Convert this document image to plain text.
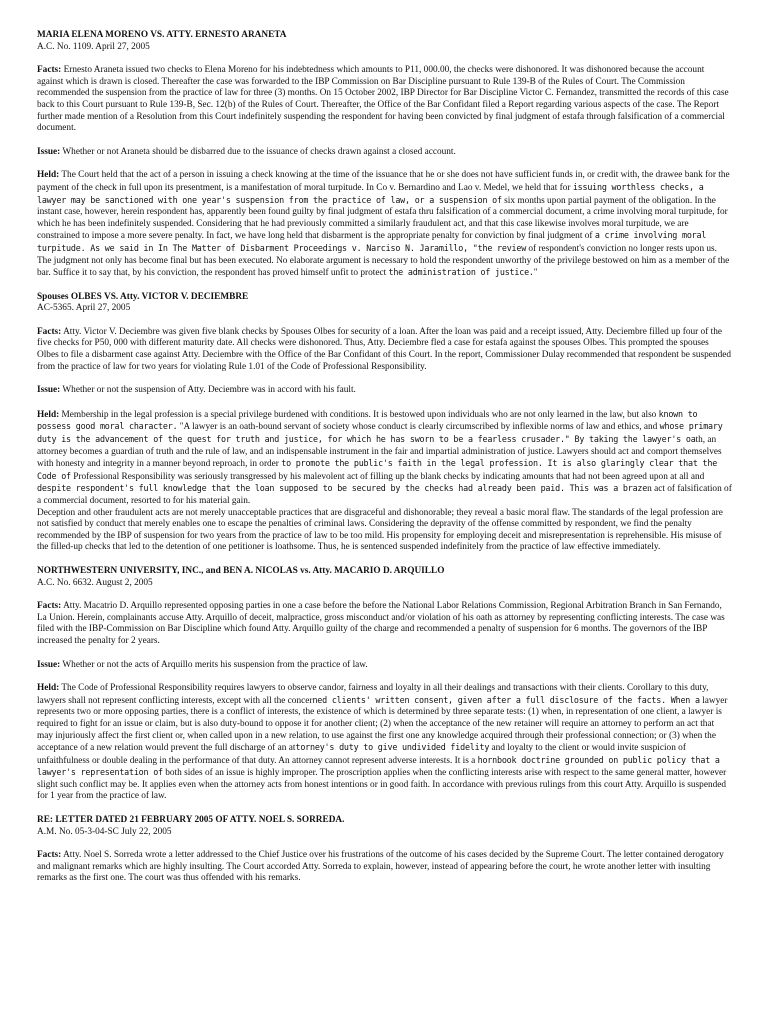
MARIA ELENA MORENO VS. ATTY. ERNESTO ARANETA
A.C. No. 1109. April 27, 2005

Facts: Ernesto Araneta issued two checks to Elena Moreno for his indebtedness which amounts to P11, 000.00, the checks were dishonored. It was dishonored because the account against which is drawn is closed. Thereafter the case was forwarded to the IBP Commission on Bar Discipline pursuant to Rule 139-B of the Rules of Court. The Commission recommended the suspension from the practice of law for three (3) months. On 15 October 2002, IBP Director for Bar Discipline Victor C. Fernandez, transmitted the records of this case back to this Court pursuant to Rule 139-B, Sec. 12(b) of the Rules of Court. Thereafter, the Office of the Bar Confidant filed a Report regarding various aspects of the case. The Report further made mention of a Resolution from this Court indefinitely suspending the respondent for having been convicted by final judgment of estafa through falsification of a commercial document.

Issue: Whether or not Araneta should be disbarred due to the issuance of checks drawn against a closed account.

Held: The Court held that the act of a person in issuing a check knowing at the time of the issuance that he or she does not have sufficient funds in, or credit with, the drawee bank for the payment of the check in full upon its presentment, is a manifestation of moral turpitude. In Co v. Bernardino and Lao v. Medel, we held that for issuing worthless checks, a lawyer may be sanctioned with one year's suspension from the practice of law, or a suspension of six months upon partial payment of the obligation. In the instant case, however, herein respondent has, apparently been found guilty by final judgment of estafa thru falsification of a commercial document, a crime involving moral turpitude, for which he has been indefinitely suspended. Considering that he had previously committed a similarly fraudulent act, and that this case likewise involves moral turpitude, we are constrained to impose a more severe penalty. In fact, we have long held that disbarment is the appropriate penalty for conviction by final judgment of a crime involving moral turpitude. As we said in In The Matter of Disbarment Proceedings v. Narciso N. Jaramillo, "the review of respondent's conviction no longer rests upon us. The judgment not only has become final but has been executed. No elaborate argument is necessary to hold the respondent unworthy of the privilege bestowed on him as a member of the bar. Suffice it to say that, by his conviction, the respondent has proved himself unfit to protect the administration of justice."

Spouses OLBES VS. Atty. VICTOR V. DECIEMBRE
AC-5365. April 27, 2005

Facts: Atty. Victor V. Deciembre was given five blank checks by Spouses Olbes for security of a loan. After the loan was paid and a receipt issued, Atty. Deciembre filled up four of the five checks for P50, 000 with different maturity date. All checks were dishonored. Thus, Atty. Deciembre fled a case for estafa against the spouses Olbes. This prompted the spouses Olbes to file a disbarment case against Atty. Deciembre with the Office of the Bar Confidant of this Court. In the report, Commissioner Dulay recommended that respondent be suspended from the practice of law for two years for violating Rule 1.01 of the Code of Professional Responsibility.

Issue: Whether or not the suspension of Atty. Deciembre was in accord with his fault.

Held: Membership in the legal profession is a special privilege burdened with conditions. It is bestowed upon individuals who are not only learned in the law, but also known to possess good moral character. "A lawyer is an oath-bound servant of society whose conduct is clearly circumscribed by inflexible norms of law and ethics, and whose primary duty is the advancement of the quest for truth and justice, for which he has sworn to be a fearless crusader." By taking the lawyer's oath, an attorney becomes a guardian of truth and the rule of law, and an indispensable instrument in the fair and impartial administration of justice. Lawyers should act and comport themselves with honesty and integrity in a manner beyond reproach, in order to promote the public's faith in the legal profession. It is also glaringly clear that the Code of Professional Responsibility was seriously transgressed by his malevolent act of filling up the blank checks by indicating amounts that had not been agreed upon at all and despite respondent's full knowledge that the loan supposed to be secured by the checks had already been paid. This was a brazen act of falsification of a commercial document, resorted to for his material gain.

Deception and other fraudulent acts are not merely unacceptable practices that are disgraceful and dishonorable; they reveal a basic moral flaw. The standards of the legal profession are not satisfied by conduct that merely enables one to escape the penalties of criminal laws. Considering the depravity of the offense committed by respondent, we find the penalty recommended by the IBP of suspension for two years from the practice of law to be too mild. His propensity for employing deceit and misrepresentation is reprehensible. His misuse of the filled-up checks that led to the detention of one petitioner is loathsome. Thus, he is sentenced suspended indefinitely from the practice of law effective immediately.

NORTHWESTERN UNIVERSITY, INC., and BEN A. NICOLAS vs. Atty. MACARIO D. ARQUILLO
A.C. No. 6632. August 2, 2005

Facts: Atty. Macatrio D. Arquillo represented opposing parties in one a case before the before the National Labor Relations Commission, Regional Arbitration Branch in San Fernando, La Union. Herein, complainants accuse Atty. Arquillo of deceit, malpractice, gross misconduct and/or violation of his oath as attorney by representing conflicting interests. The case was filed with the IBP-Commission on Bar Discipline which found Atty. Arquillo guilty of the charge and recommended a penalty of suspension for 6 months. The governors of the IBP increased the penalty for 2 years.

Issue: Whether or not the acts of Arquillo merits his suspension from the practice of law.

Held: The Code of Professional Responsibility requires lawyers to observe candor, fairness and loyalty in all their dealings and transactions with their clients. Corollary to this duty, lawyers shall not represent conflicting interests, except with all the concerned clients' written consent, given after a full disclosure of the facts. When a lawyer represents two or more opposing parties, there is a conflict of interests, the existence of which is determined by three separate tests: (1) when, in representation of one client, a lawyer is required to fight for an issue or claim, but is also duty-bound to oppose it for another client; (2) when the acceptance of the new retainer will require an attorney to perform an act that may injuriously affect the first client or, when called upon in a new relation, to use against the first one any knowledge acquired through their professional connection; or (3) when the acceptance of a new relation would prevent the full discharge of an attorney's duty to give undivided fidelity and loyalty to the client or would invite suspicion of unfaithfulness or double dealing in the performance of that duty. An attorney cannot represent adverse interests. It is a hornbook doctrine grounded on public policy that a lawyer's representation of both sides of an issue is highly improper. The proscription applies when the conflicting interests arise with respect to the same general matter, however slight such conflict may be. It applies even when the attorney acts from honest intentions or in good faith. In accordance with previous rulings from this court Atty. Arquillo is suspended for 1 year from the practice of law.

RE: LETTER DATED 21 FEBRUARY 2005 OF ATTY. NOEL S. SORREDA.
A.M. No. 05-3-04-SC July 22, 2005

Facts: Atty. Noel S. Sorreda wrote a letter addressed to the Chief Justice over his frustrations of the outcome of his cases decided by the Supreme Court. The letter contained derogatory and malignant remarks which are highly insulting. The Court accorded Atty. Sorreda to explain, however, instead of appearing before the court, he wrote another letter with insulting remarks as the first one. The court was thus offended with his remarks.
